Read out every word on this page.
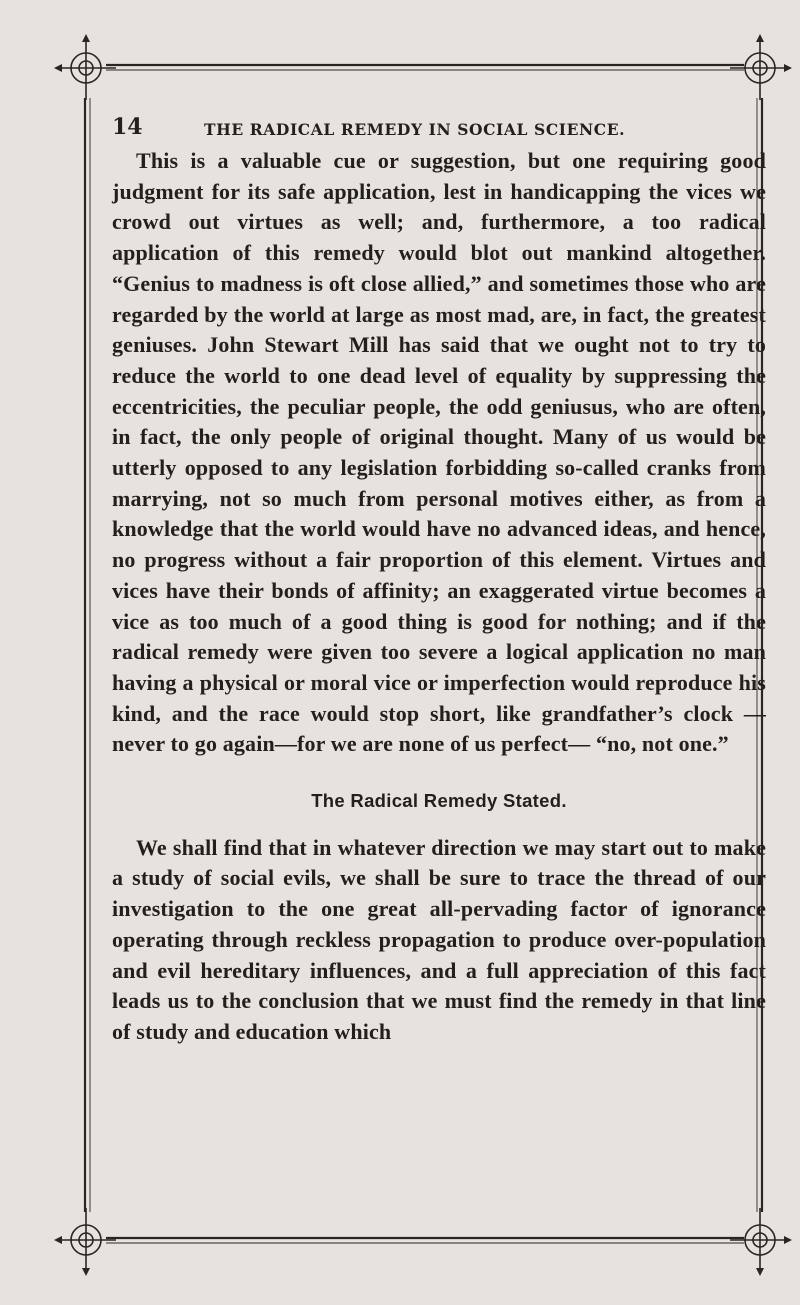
14	THE RADICAL REMEDY IN SOCIAL SCIENCE.

This is a valuable cue or suggestion, but one requiring good judgment for its safe application, lest in handicapping the vices we crowd out virtues as well; and, furthermore, a too radical application of this remedy would blot out mankind altogether. “Genius to madness is oft close allied,” and sometimes those who are regarded by the world at large as most mad, are, in fact, the greatest geniuses. John Stewart Mill has said that we ought not to try to reduce the world to one dead level of equality by suppressing the eccentricities, the peculiar people, the odd geniusus, who are often, in fact, the only people of original thought. Many of us would be utterly opposed to any legislation forbidding so-called cranks from marrying, not so much from personal motives either, as from a knowledge that the world would have no advanced ideas, and hence, no progress without a fair proportion of this element. Virtues and vices have their bonds of affinity; an exaggerated virtue becomes a vice as too much of a good thing is good for nothing; and if the radical remedy were given too severe a logical application no man having a physical or moral vice or imperfection would reproduce his kind, and the race would stop short, like grandfather’s clock —never to go again—for we are none of us perfect— “no, not one.”

The Radical Remedy Stated.

We shall find that in whatever direction we may start out to make a study of social evils, we shall be sure to trace the thread of our investigation to the one great all-pervading factor of ignorance operating through reckless propagation to produce over-population and evil hereditary influences, and a full appreciation of this fact leads us to the conclusion that we must find the remedy in that line of study and education which
